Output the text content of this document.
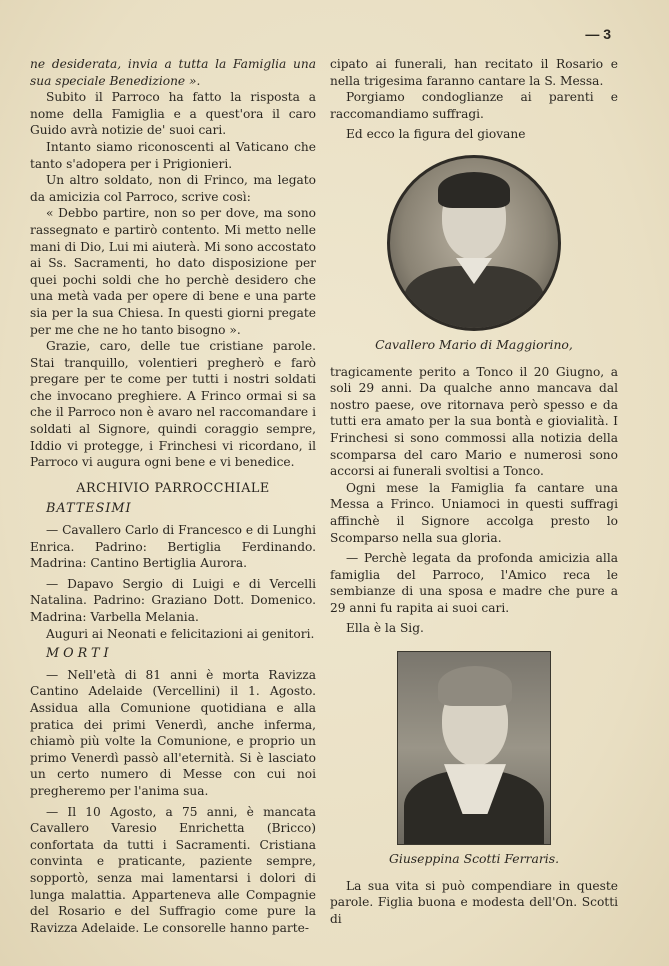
— 3

ne desiderata, invia a tutta la Famiglia una sua speciale Benedizione ».

Subito il Parroco ha fatto la risposta a nome della Famiglia e a quest'ora il caro Guido avrà notizie de' suoi cari.

Intanto siamo riconoscenti al Vaticano che tanto s'adopera per i Prigionieri.

Un altro soldato, non di Frinco, ma legato da amicizia col Parroco, scrive così:

« Debbo partire, non so per dove, ma sono rassegnato e partirò contento. Mi metto nelle mani di Dio, Lui mi aiuterà. Mi sono accostato ai Ss. Sacramenti, ho dato disposizione per quei pochi soldi che ho perchè desidero che una metà vada per opere di bene e una parte sia per la sua Chiesa. In questi giorni pregate per me che ne ho tanto bisogno ».

Grazie, caro, delle tue cristiane parole. Stai tranquillo, volentieri pregherò e farò pregare per te come per tutti i nostri soldati che invocano preghiere. A Frinco ormai si sa che il Parroco non è avaro nel raccomandare i soldati al Signore, quindi coraggio sempre, Iddio vi protegge, i Frinchesi vi ricordano, il Parroco vi augura ogni bene e vi benedice.

ARCHIVIO PARROCCHIALE

BATTESIMI

— Cavallero Carlo di Francesco e di Lunghi Enrica. Padrino: Bertiglia Ferdinando. Madrina: Cantino Bertiglia Aurora.

— Dapavo Sergio di Luigi e di Vercelli Natalina. Padrino: Graziano Dott. Domenico. Madrina: Varbella Melania.

Auguri ai Neonati e felicitazioni ai genitori.

MORTI

— Nell'età di 81 anni è morta Ravizza Cantino Adelaide (Vercellini) il 1. Agosto. Assidua alla Comunione quotidiana e alla pratica dei primi Venerdì, anche inferma, chiamò più volte la Comunione, e proprio un primo Venerdì passò all'eternità. Si è lasciato un certo numero di Messe con cui noi pregheremo per l'anima sua.

— Il 10 Agosto, a 75 anni, è mancata Cavallero Varesio Enrichetta (Bricco) confortata da tutti i Sacramenti. Cristiana convinta e praticante, paziente sempre, sopportò, senza mai lamentarsi i dolori di lunga malattia. Apparteneva alle Compagnie del Rosario e del Suffragio come pure la Ravizza Adelaide. Le consorelle hanno parte-

cipato ai funerali, han recitato il Rosario e nella trigesima faranno cantare la S. Messa.

Porgiamo condoglianze ai parenti e raccomandiamo suffragi.

Ed ecco la figura del giovane

Cavallero Mario di Maggiorino,

tragicamente perito a Tonco il 20 Giugno, a soli 29 anni. Da qualche anno mancava dal nostro paese, ove ritornava però spesso e da tutti era amato per la sua bontà e giovialità. I Frinchesi si sono commossi alla notizia della scomparsa del caro Mario e numerosi sono accorsi ai funerali svoltisi a Tonco.

Ogni mese la Famiglia fa cantare una Messa a Frinco. Uniamoci in questi suffragi affinchè il Signore accolga presto lo Scomparso nella sua gloria.

— Perchè legata da profonda amicizia alla famiglia del Parroco, l'Amico reca le sembianze di una sposa e madre che pure a 29 anni fu rapita ai suoi cari.

Ella è la Sig.

Giuseppina Scotti Ferraris.

La sua vita si può compendiare in queste parole. Figlia buona e modesta dell'On. Scotti di
